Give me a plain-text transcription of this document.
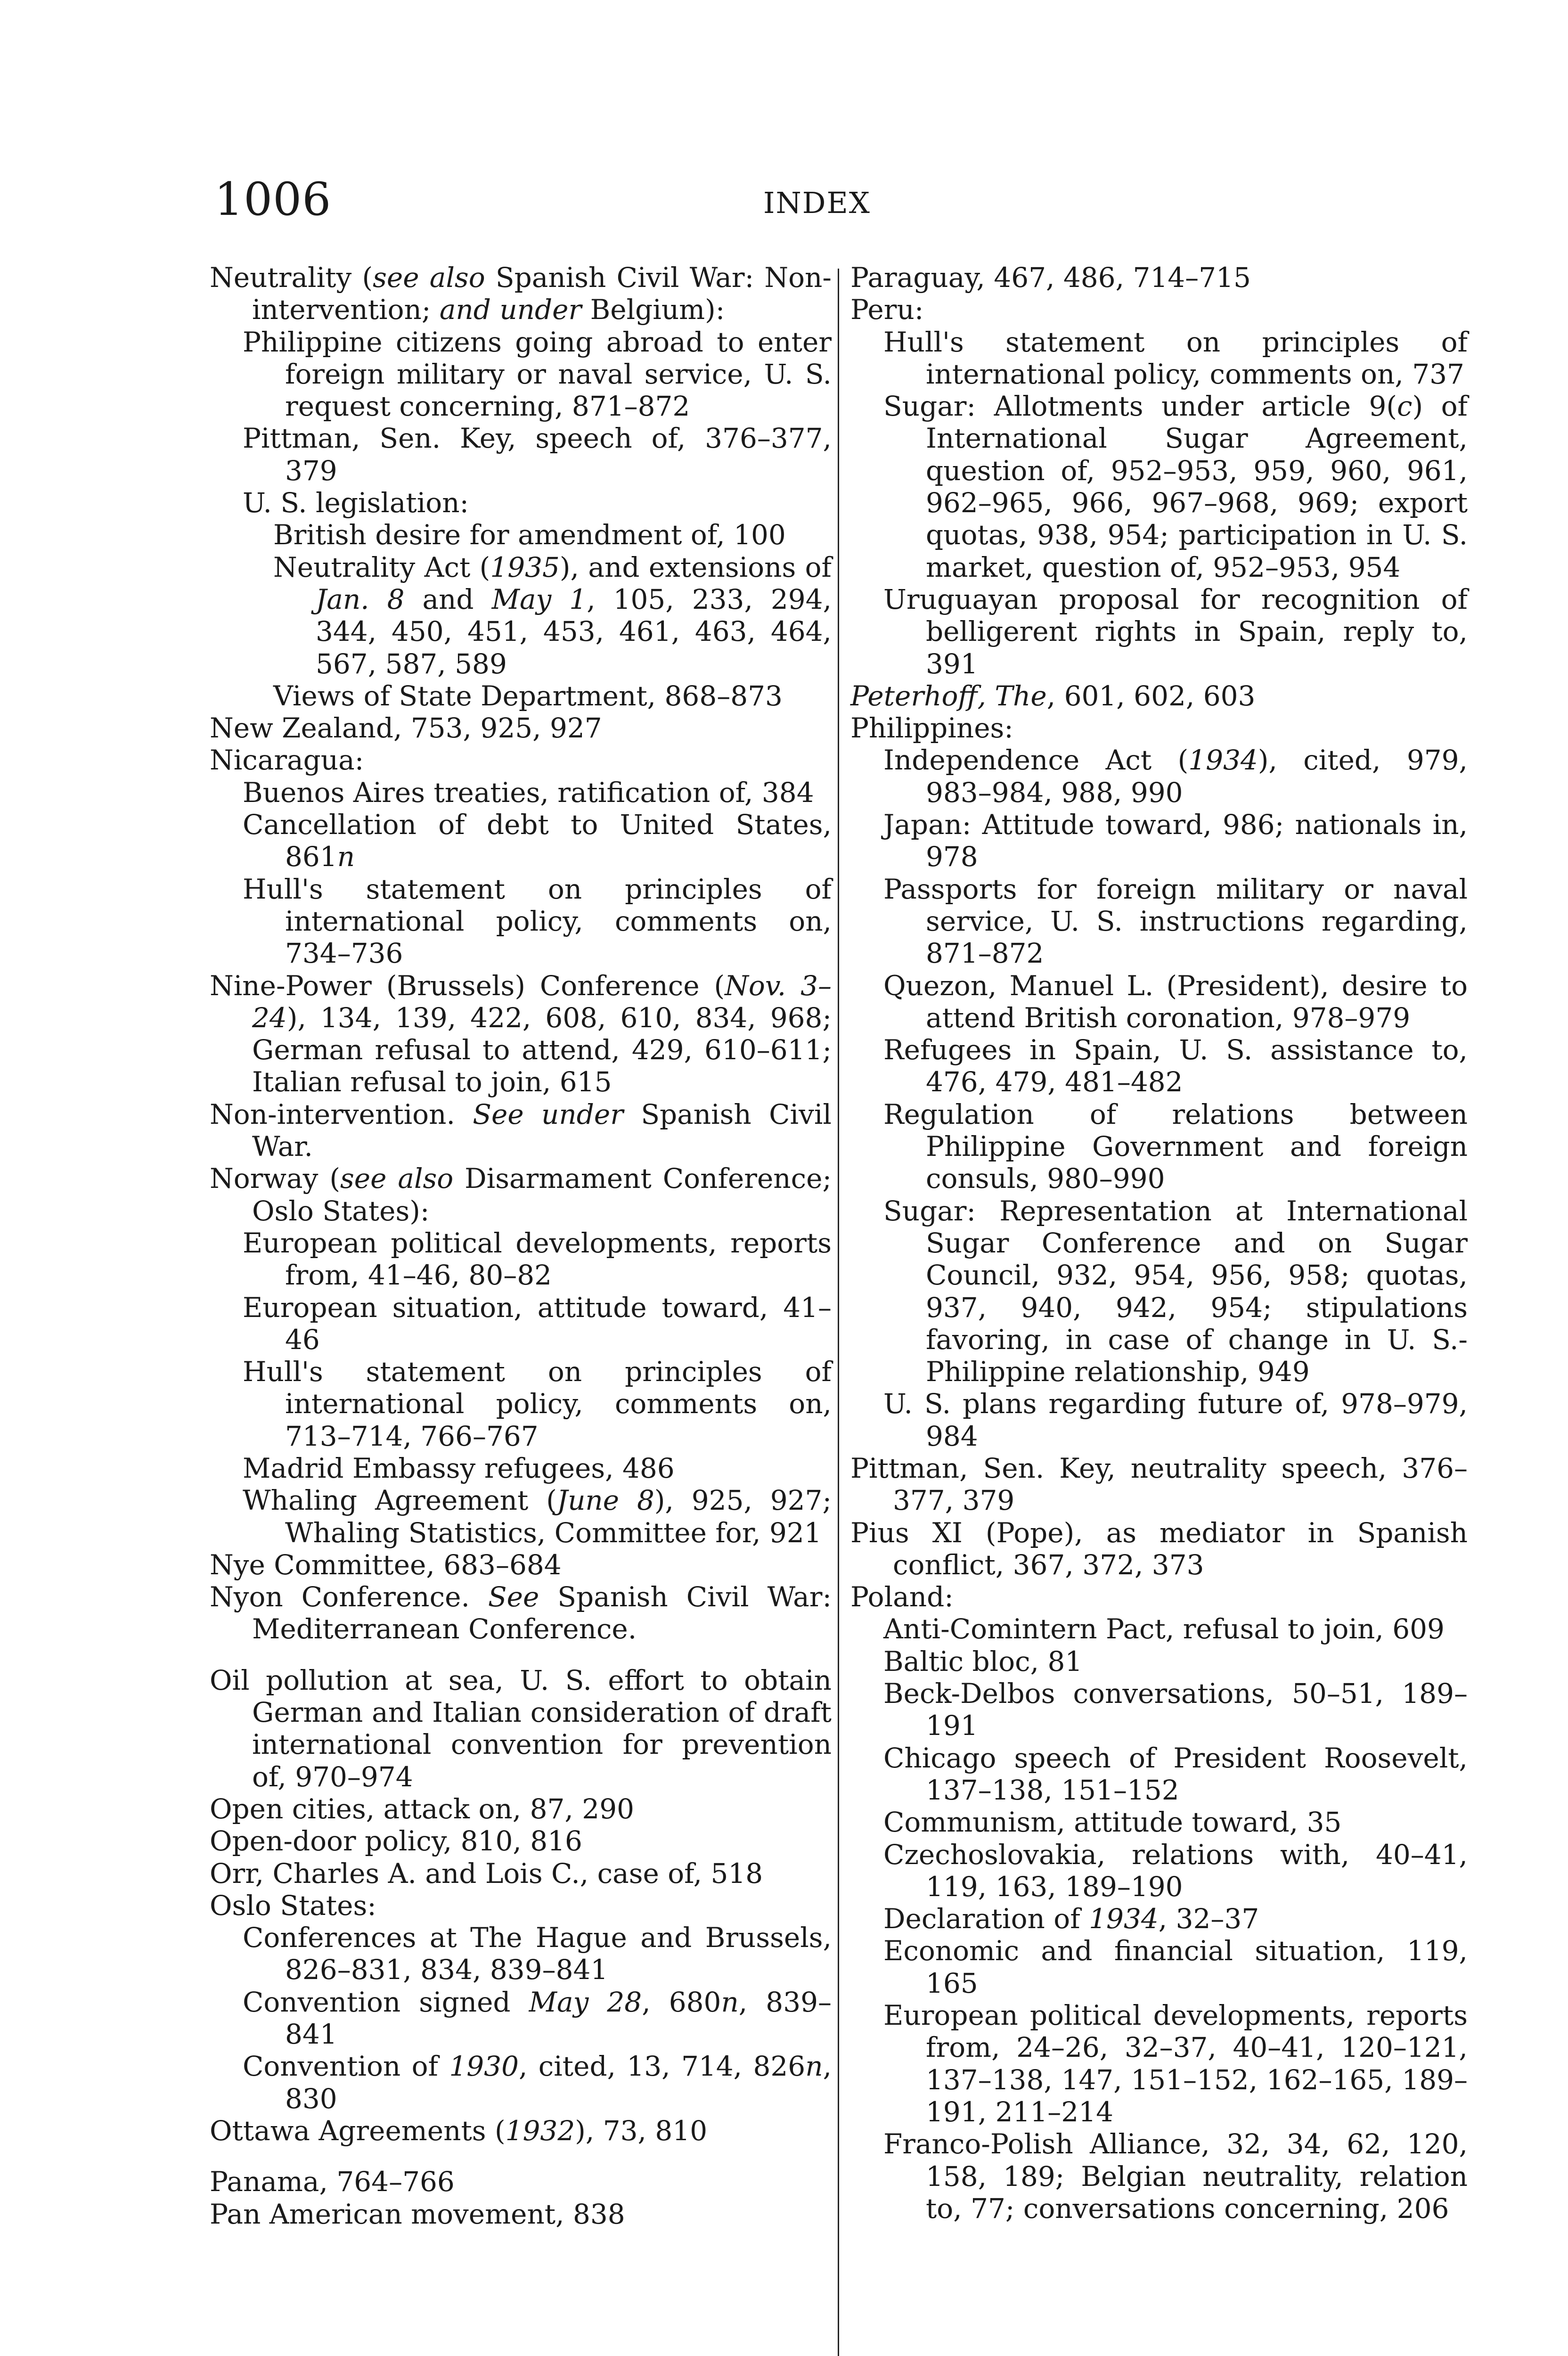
1006	INDEX
Neutrality (see also Spanish Civil War: Non-intervention; and under Belgium):
Philippine citizens going abroad to enter foreign military or naval service, U. S. request concerning, 871–872
Pittman, Sen. Key, speech of, 376–377, 379
U. S. legislation:
British desire for amendment of, 100
Neutrality Act (1935), and extensions of Jan. 8 and May 1, 105, 233, 294, 344, 450, 451, 453, 461, 463, 464, 567, 587, 589
Views of State Department, 868–873
New Zealand, 753, 925, 927
Nicaragua:
Buenos Aires treaties, ratification of, 384
Cancellation of debt to United States, 861n
Hull's statement on principles of international policy, comments on, 734–736
Nine-Power (Brussels) Conference (Nov. 3–24), 134, 139, 422, 608, 610, 834, 968; German refusal to attend, 429, 610–611; Italian refusal to join, 615
Non-intervention. See under Spanish Civil War.
Norway (see also Disarmament Conference; Oslo States):
European political developments, reports from, 41–46, 80–82
European situation, attitude toward, 41–46
Hull's statement on principles of international policy, comments on, 713–714, 766–767
Madrid Embassy refugees, 486
Whaling Agreement (June 8), 925, 927; Whaling Statistics, Committee for, 921
Nye Committee, 683–684
Nyon Conference. See Spanish Civil War: Mediterranean Conference.
Oil pollution at sea, U. S. effort to obtain German and Italian consideration of draft international convention for prevention of, 970–974
Open cities, attack on, 87, 290
Open-door policy, 810, 816
Orr, Charles A. and Lois C., case of, 518
Oslo States:
Conferences at The Hague and Brussels, 826–831, 834, 839–841
Convention signed May 28, 680n, 839–841
Convention of 1930, cited, 13, 714, 826n, 830
Ottawa Agreements (1932), 73, 810
Panama, 764–766
Pan American movement, 838
Paraguay, 467, 486, 714–715
Peru:
Hull's statement on principles of international policy, comments on, 737
Sugar: Allotments under article 9(c) of International Sugar Agreement, question of, 952–953, 959, 960, 961, 962–965, 966, 967–968, 969; export quotas, 938, 954; participation in U. S. market, question of, 952–953, 954
Uruguayan proposal for recognition of belligerent rights in Spain, reply to, 391
Peterhoff, The, 601, 602, 603
Philippines:
Independence Act (1934), cited, 979, 983–984, 988, 990
Japan: Attitude toward, 986; nationals in, 978
Passports for foreign military or naval service, U. S. instructions regarding, 871–872
Quezon, Manuel L. (President), desire to attend British coronation, 978–979
Refugees in Spain, U. S. assistance to, 476, 479, 481–482
Regulation of relations between Philippine Government and foreign consuls, 980–990
Sugar: Representation at International Sugar Conference and on Sugar Council, 932, 954, 956, 958; quotas, 937, 940, 942, 954; stipulations favoring, in case of change in U. S.-Philippine relationship, 949
U. S. plans regarding future of, 978–979, 984
Pittman, Sen. Key, neutrality speech, 376–377, 379
Pius XI (Pope), as mediator in Spanish conflict, 367, 372, 373
Poland:
Anti-Comintern Pact, refusal to join, 609
Baltic bloc, 81
Beck-Delbos conversations, 50–51, 189–191
Chicago speech of President Roosevelt, 137–138, 151–152
Communism, attitude toward, 35
Czechoslovakia, relations with, 40–41, 119, 163, 189–190
Declaration of 1934, 32–37
Economic and financial situation, 119, 165
European political developments, reports from, 24–26, 32–37, 40–41, 120–121, 137–138, 147, 151–152, 162–165, 189–191, 211–214
Franco-Polish Alliance, 32, 34, 62, 120, 158, 189; Belgian neutrality, relation to, 77; conversations concerning, 206
